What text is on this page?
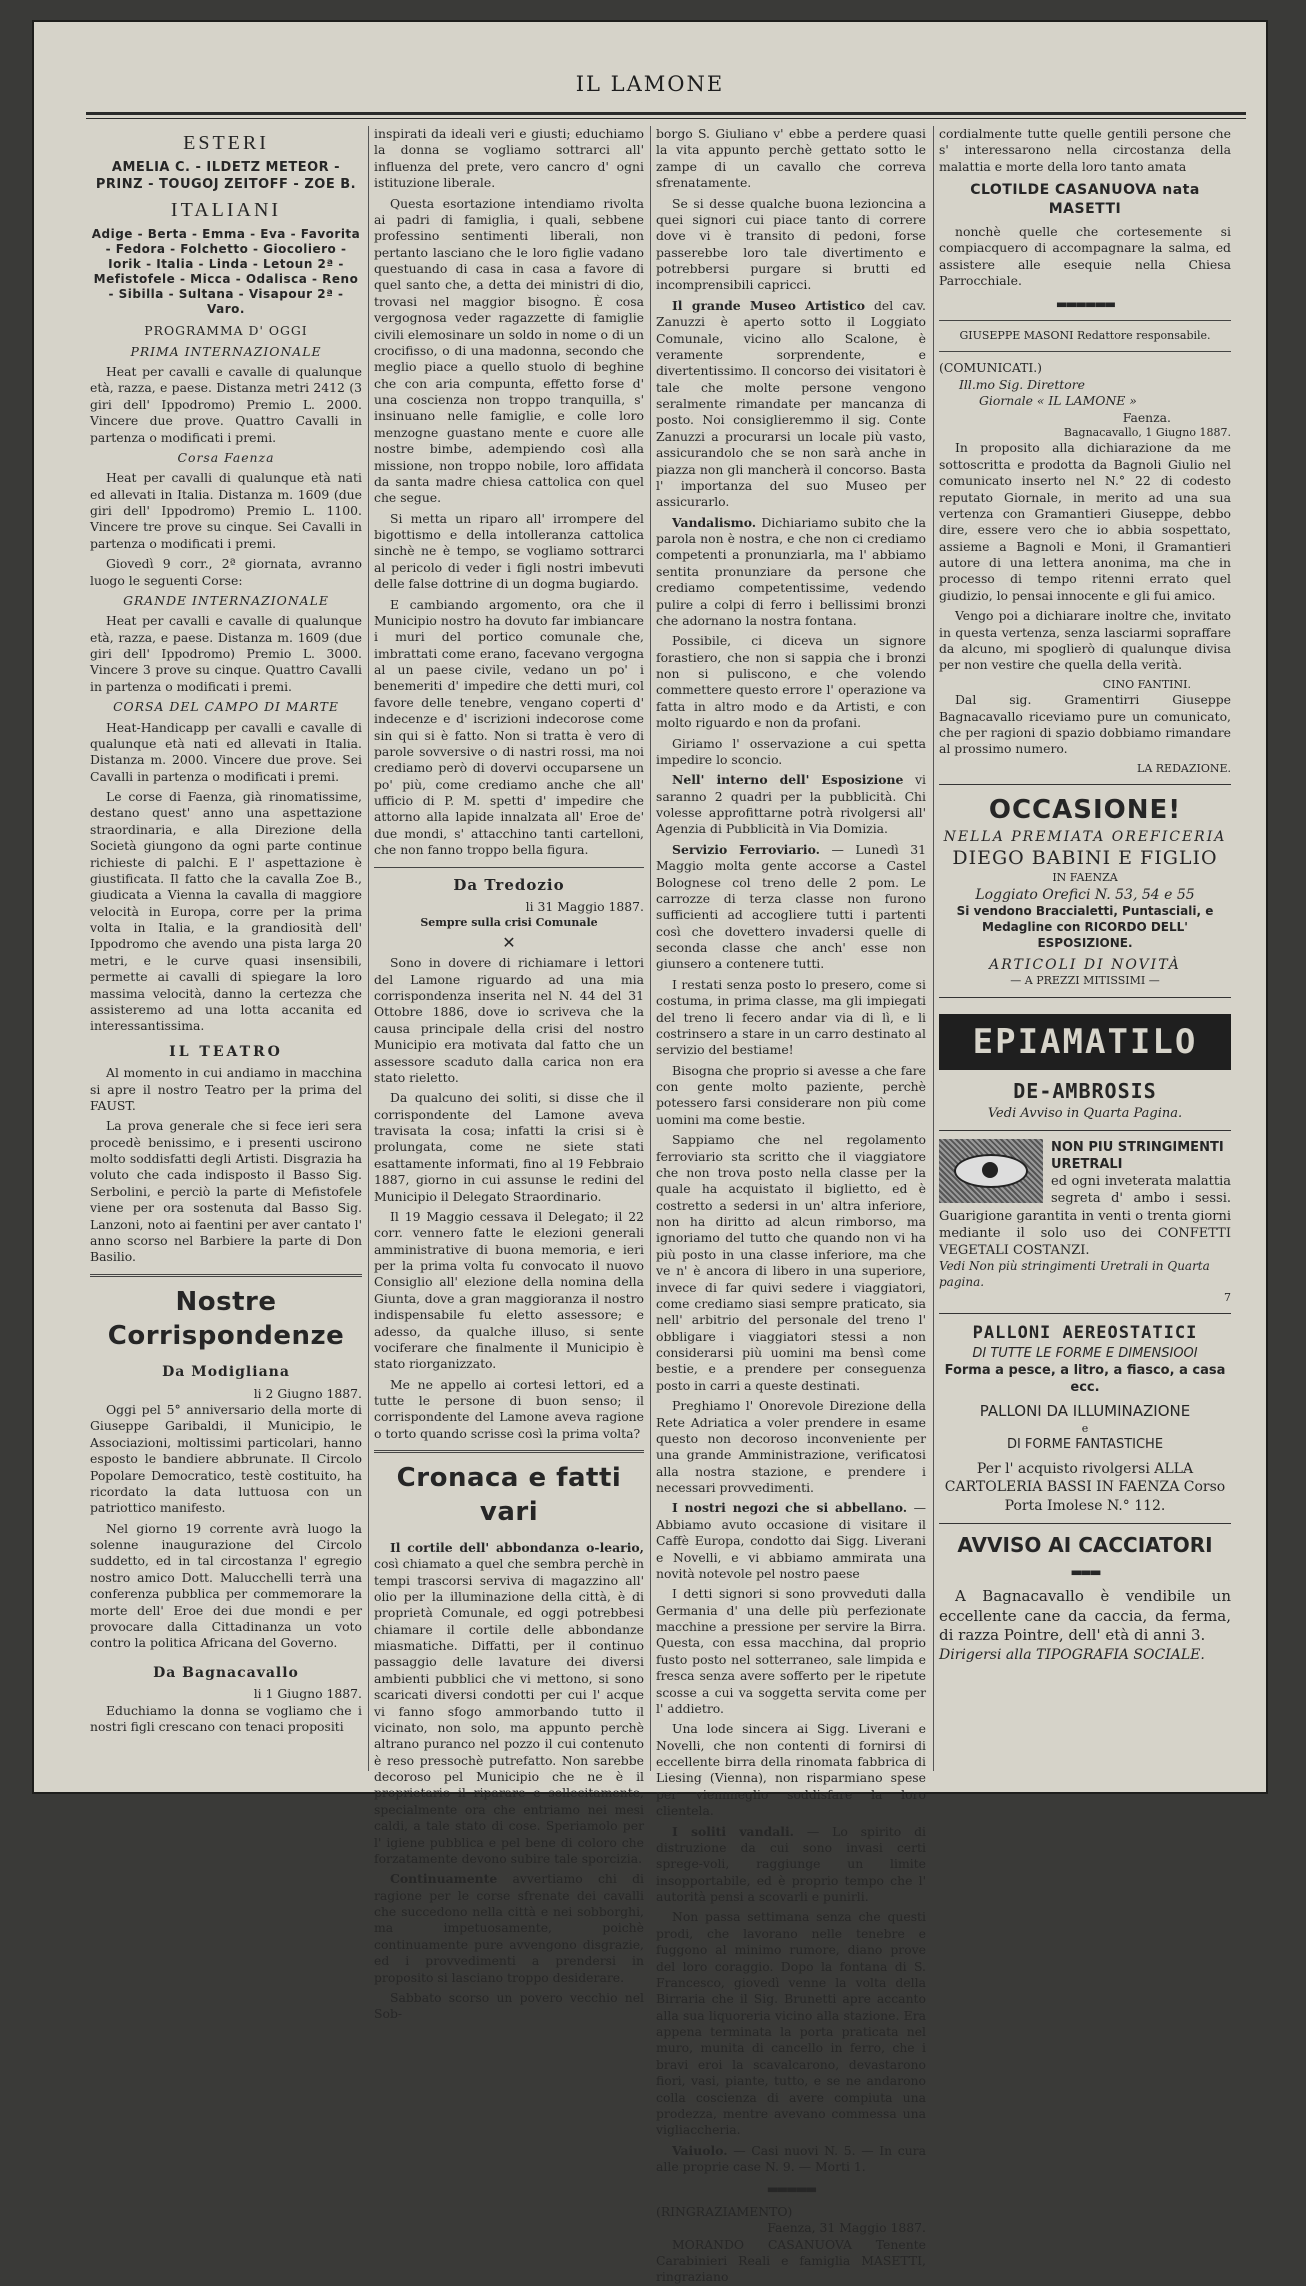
IL LAMONE
ESTERI
AMELIA C. - ILDETZ METEOR - PRINZ - TOUGOJ ZEITOFF - ZOE B.
ITALIANI
Adige - Berta - Emma - Eva - Favorita - Fedora - Folchetto - Giocoliero - Iorik - Italia - Linda - Letoun 2ª - Mefistofele - Micca - Odalisca - Reno - Sibilla - Sultana - Visapour 2ª - Varo.
PROGRAMMA D' OGGI
PRIMA INTERNAZIONALE

Heat per cavalli e cavalle di qualunque età, razza, e paese. Distanza metri 2412 (3 giri dell' Ippodromo) Premio L. 2000. Vincere due prove. Quattro Cavalli in partenza o modificati i premi.

Corsa Faenza

Heat per cavalli di qualunque età nati ed allevati in Italia. Distanza m. 1609 (due giri dell' Ippodromo) Premio L. 1100. Vincere tre prove su cinque. Sei Cavalli in partenza o modificati i premi.

Giovedì 9 corr., 2ª giornata, avranno luogo le seguenti Corse:

GRANDE INTERNAZIONALE

Heat per cavalli e cavalle di qualunque età, razza, e paese. Distanza m. 1609 (due giri dell' Ippodromo) Premio L. 3000. Vincere 3 prove su cinque. Quattro Cavalli in partenza o modificati i premi.

CORSA DEL CAMPO DI MARTE

Heat-Handicapp per cavalli e cavalle di qualunque età nati ed allevati in Italia. Distanza m. 2000. Vincere due prove. Sei Cavalli in partenza o modificati i premi.

Le corse di Faenza, già rinomatissime, destano quest' anno una aspettazione straordinaria, e alla Direzione della Società giungono da ogni parte continue richieste di palchi. E l' aspettazione è giustificata. Il fatto che la cavalla Zoe B., giudicata a Vienna la cavalla di maggiore velocità in Europa, corre per la prima volta in Italia, e la grandiosità dell' Ippodromo che avendo una pista larga 20 metri, e le curve quasi insensibili, permette ai cavalli di spiegare la loro massima velocità, danno la certezza che assisteremo ad una lotta accanita ed interessantissima.

IL TEATRO

Al momento in cui andiamo in macchina si apre il nostro Teatro per la prima del FAUST.

La prova generale che si fece ieri sera procedè benissimo, e i presenti uscirono molto soddisfatti degli Artisti. Disgrazia ha voluto che cada indisposto il Basso Sig. Serbolini, e perciò la parte di Mefistofele viene per ora sostenuta dal Basso Sig. Lanzoni, noto ai faentini per aver cantato l' anno scorso nel Barbiere la parte di Don Basilio.

Nostre Corrispondenze
Da Modigliana
li 2 Giugno 1887.

Oggi pel 5° anniversario della morte di Giuseppe Garibaldi, il Municipio, le Associazioni, moltissimi particolari, hanno esposto le bandiere abbrunate. Il Circolo Popolare Democratico, testè costituito, ha ricordato la data luttuosa con un patriottico manifesto.

Nel giorno 19 corrente avrà luogo la solenne inaugurazione del Circolo suddetto, ed in tal circostanza l' egregio nostro amico Dott. Malucchelli terrà una conferenza pubblica per commemorare la morte dell' Eroe dei due mondi e per provocare dalla Cittadinanza un voto contro la politica Africana del Governo.

Da Bagnacavallo
li 1 Giugno 1887.

Educhiamo la donna se vogliamo che i nostri figli crescano con tenaci propositi

inspirati da ideali veri e giusti; educhiamo la donna se vogliamo sottrarci all' influenza del prete, vero cancro d' ogni istituzione liberale.

Questa esortazione intendiamo rivolta ai padri di famiglia, i quali, sebbene professino sentimenti liberali, non pertanto lasciano che le loro figlie vadano questuando di casa in casa a favore di quel santo che, a detta dei ministri di dio, trovasi nel maggior bisogno. È cosa vergognosa veder ragazzette di famiglie civili elemosinare un soldo in nome o di un crocifisso, o di una madonna, secondo che meglio piace a quello stuolo di beghine che con aria compunta, effetto forse d' una coscienza non troppo tranquilla, s' insinuano nelle famiglie, e colle loro menzogne guastano mente e cuore alle nostre bimbe, adempiendo così alla missione, non troppo nobile, loro affidata da santa madre chiesa cattolica con quel che segue.

Si metta un riparo all' irrompere del bigottismo e della intolleranza cattolica sinchè ne è tempo, se vogliamo sottrarci al pericolo di veder i figli nostri imbevuti delle false dottrine di un dogma bugiardo.

E cambiando argomento, ora che il Municipio nostro ha dovuto far imbiancare i muri del portico comunale che, imbrattati come erano, facevano vergogna al un paese civile, vedano un po' i benemeriti d' impedire che detti muri, col favore delle tenebre, vengano coperti d' indecenze e d' iscrizioni indecorose come sin qui si è fatto. Non si tratta è vero di parole sovversive o di nastri rossi, ma noi crediamo però di dovervi occuparsene un po' più, come crediamo anche che all' ufficio di P. M. spetti d' impedire che attorno alla lapide innalzata all' Eroe de' due mondi, s' attacchino tanti cartelloni, che non fanno troppo bella figura.

Da Tredozio
li 31 Maggio 1887.
Sempre sulla crisi Comunale
✕

Sono in dovere di richiamare i lettori del Lamone riguardo ad una mia corrispondenza inserita nel N. 44 del 31 Ottobre 1886, dove io scriveva che la causa principale della crisi del nostro Municipio era motivata dal fatto che un assessore scaduto dalla carica non era stato rieletto.

Da qualcuno dei soliti, si disse che il corrispondente del Lamone aveva travisata la cosa; infatti la crisi si è prolungata, come ne siete stati esattamente informati, fino al 19 Febbraio 1887, giorno in cui assunse le redini del Municipio il Delegato Straordinario.

Il 19 Maggio cessava il Delegato; il 22 corr. vennero fatte le elezioni generali amministrative di buona memoria, e ieri per la prima volta fu convocato il nuovo Consiglio all' elezione della nomina della Giunta, dove a gran maggioranza il nostro indispensabile fu eletto assessore; e adesso, da qualche illuso, si sente vociferare che finalmente il Municipio è stato riorganizzato.

Me ne appello ai cortesi lettori, ed a tutte le persone di buon senso; il corrispondente del Lamone aveva ragione o torto quando scrisse così la prima volta?

Cronaca e fatti vari

Il cortile dell' abbondanza o-leario, così chiamato a quel che sembra perchè in tempi trascorsi serviva di magazzino all' olio per la illuminazione della città, è di proprietà Comunale, ed oggi potrebbesi chiamare il cortile delle abbondanze miasmatiche. Diffatti, per il continuo passaggio delle lavature dei diversi ambienti pubblici che vi mettono, si sono scaricati diversi condotti per cui l' acque vi fanno sfogo ammorbando tutto il vicinato, non solo, ma appunto perchè altrano puranco nel pozzo il cui contenuto è reso pressochè putrefatto. Non sarebbe decoroso pel Municipio che ne è il proprietario il riparare e sollecitamente, specialmente ora che entriamo nei mesi caldi, a tale stato di cose. Speriamolo per l' igiene pubblica e pel bene di coloro che forzatamente devono subire tale sporcizia.

Continuamente avvertiamo chi di ragione per le corse sfrenate dei cavalli che succedono nella città e nei sobborghi, ma impetuosamente, poichè continuamente pure avvengono disgrazie, ed i provvedimenti a prendersi in proposito si lasciano troppo desiderare.

Sabbato scorso un povero vecchio nel Sob-

borgo S. Giuliano v' ebbe a perdere quasi la vita appunto perchè gettato sotto le zampe di un cavallo che correva sfrenatamente.

Se si desse qualche buona lezioncina a quei signori cui piace tanto di correre dove vi è transito di pedoni, forse passerebbe loro tale divertimento e potrebbersi purgare si brutti ed incomprensibili capricci.

Il grande Museo Artistico del cav. Zanuzzi è aperto sotto il Loggiato Comunale, vicino allo Scalone, è veramente sorprendente, e divertentissimo. Il concorso dei visitatori è tale che molte persone vengono seralmente rimandate per mancanza di posto. Noi consiglieremmo il sig. Conte Zanuzzi a procurarsi un locale più vasto, assicurandolo che se non sarà anche in piazza non gli mancherà il concorso. Basta l' importanza del suo Museo per assicurarlo.

Vandalismo. Dichiariamo subito che la parola non è nostra, e che non ci crediamo competenti a pronunziarla, ma l' abbiamo sentita pronunziare da persone che crediamo competentissime, vedendo pulire a colpi di ferro i bellissimi bronzi che adornano la nostra fontana.

Possibile, ci diceva un signore forastiero, che non si sappia che i bronzi non si puliscono, e che volendo commettere questo errore l' operazione va fatta in altro modo e da Artisti, e con molto riguardo e non da profani.

Giriamo l' osservazione a cui spetta impedire lo sconcio.

Nell' interno dell' Esposizione vi saranno 2 quadri per la pubblicità. Chi volesse approfittarne potrà rivolgersi all' Agenzia di Pubblicità in Via Domizia.

Servizio Ferroviario. — Lunedì 31 Maggio molta gente accorse a Castel Bolognese col treno delle 2 pom. Le carrozze di terza classe non furono sufficienti ad accogliere tutti i partenti così che dovettero invadersi quelle di seconda classe che anch' esse non giunsero a contenere tutti.

I restati senza posto lo presero, come si costuma, in prima classe, ma gli impiegati del treno li fecero andar via di lì, e li costrinsero a stare in un carro destinato al servizio del bestiame!

Bisogna che proprio si avesse a che fare con gente molto paziente, perchè potessero farsi considerare non più come uomini ma come bestie.

Sappiamo che nel regolamento ferroviario sta scritto che il viaggiatore che non trova posto nella classe per la quale ha acquistato il biglietto, ed è costretto a sedersi in un' altra inferiore, non ha diritto ad alcun rimborso, ma ignoriamo del tutto che quando non vi ha più posto in una classe inferiore, ma che ve n' è ancora di libero in una superiore, invece di far quivi sedere i viaggiatori, come crediamo siasi sempre praticato, sia nell' arbitrio del personale del treno l' obbligare i viaggiatori stessi a non considerarsi più uomini ma bensì come bestie, e a prendere per conseguenza posto in carri a queste destinati.

Preghiamo l' Onorevole Direzione della Rete Adriatica a voler prendere in esame questo non decoroso inconveniente per una grande Amministrazione, verificatosi alla nostra stazione, e prendere i necessari provvedimenti.

I nostri negozi che si abbellano. — Abbiamo avuto occasione di visitare il Caffè Europa, condotto dai Sigg. Liverani e Novelli, e vi abbiamo ammirata una novità notevole pel nostro paese

I detti signori si sono provveduti dalla Germania d' una delle più perfezionate macchine a pressione per servire la Birra. Questa, con essa macchina, dal proprio fusto posto nel sotterraneo, sale limpida e fresca senza avere sofferto per le ripetute scosse a cui va soggetta servita come per l' addietro.

Una lode sincera ai Sigg. Liverani e Novelli, che non contenti di fornirsi di eccellente birra della rinomata fabbrica di Liesing (Vienna), non risparmiano spese per viemmeglio soddisfare la loro clientela.

I soliti vandali. — Lo spirito di distruzione da cui sono invasi certi sprege-voli, raggiunge un limite insopportabile, ed è proprio tempo che l' autorità pensi a scovarli e punirli.

Non passa settimana senza che questi prodi, che lavorano nelle tenebre e fuggono al minimo rumore, diano prove del loro coraggio. Dopo la fontana di S. Francesco, giovedì venne la volta della Birraria che il Sig. Brunetti apre accanto alla sua liquoreria vicino alla stazione. Era appena terminata la porta praticata nel muro, munita di cancello in ferro, che i bravi eroi la scavalcarono, devastarono fiori, vasi, piante, tutto, e se ne andarono colla coscienza di avere compiuta una prodezza, mentre avevano commessa una vigliaccheria.

Vaiuolo. — Casi nuovi N. 5. — In cura alle proprie case N. 9. — Morti 1.

▬▬▬▬▬
(RINGRAZIAMENTO)
Faenza, 31 Maggio 1887.

MORANDO CASANUOVA Tenente Carabinieri Reali e famiglia MASETTI, ringraziano

cordialmente tutte quelle gentili persone che s' interessarono nella circostanza della malattia e morte della loro tanto amata

CLOTILDE CASANUOVA nata MASETTI

nonchè quelle che cortesemente si compiacquero di accompagnare la salma, ed assistere alle esequie nella Chiesa Parrocchiale.

▬▬▬▬▬▬
GIUSEPPE MASONI Redattore responsabile.
(COMUNICATI.)
Ill.mo Sig. Direttore
Giornale « IL LAMONE »
Faenza.
Bagnacavallo, 1 Giugno 1887.

In proposito alla dichiarazione da me sottoscritta e prodotta da Bagnoli Giulio nel comunicato inserto nel N.° 22 di codesto reputato Giornale, in merito ad una sua vertenza con Gramantieri Giuseppe, debbo dire, essere vero che io abbia sospettato, assieme a Bagnoli e Moni, il Gramantieri autore di una lettera anonima, ma che in processo di tempo ritenni errato quel giudizio, lo pensai innocente e gli fui amico.

Vengo poi a dichiarare inoltre che, invitato in questa vertenza, senza lasciarmi sopraffare da alcuno, mi spoglierò di qualunque divisa per non vestire che quella della verità.

CINO FANTINI.

Dal sig. Gramentirri Giuseppe Bagnacavallo riceviamo pure un comunicato, che per ragioni di spazio dobbiamo rimandare al prossimo numero.

LA REDAZIONE.
OCCASIONE!
NELLA PREMIATA OREFICERIA
DIEGO BABINI E FIGLIO
IN FAENZA
Loggiato Orefici N. 53, 54 e 55
Si vendono Braccialetti, Puntasciali, e Medagline con RICORDO DELL' ESPOSIZIONE.
ARTICOLI DI NOVITÀ
— A PREZZI MITISSIMI —
EPIAMATILO
DE-AMBROSIS
Vedi Avviso in Quarta Pagina.
NON PIU STRINGIMENTI URETRALI
ed ogni inveterata malattia segreta d' ambo i sessi. Guarigione garantita in venti o trenta giorni mediante il solo uso dei CONFETTI VEGETALI COSTANZI.
Vedi Non più stringimenti Uretrali in Quarta pagina.
7
PALLONI AEREOSTATICI
DI TUTTE LE FORME E DIMENSIOOI
Forma a pesce, a litro, a fiasco, a casa ecc.
PALLONI DA ILLUMINAZIONE
e
DI FORME FANTASTICHE
Per l' acquisto rivolgersi ALLA CARTOLERIA BASSI IN FAENZA Corso Porta Imolese N.° 112.
AVVISO AI CACCIATORI
▬▬▬
A Bagnacavallo è vendibile un eccellente cane da caccia, da ferma, di razza Pointre, dell' età di anni 3.
Dirigersi alla TIPOGRAFIA SOCIALE.
